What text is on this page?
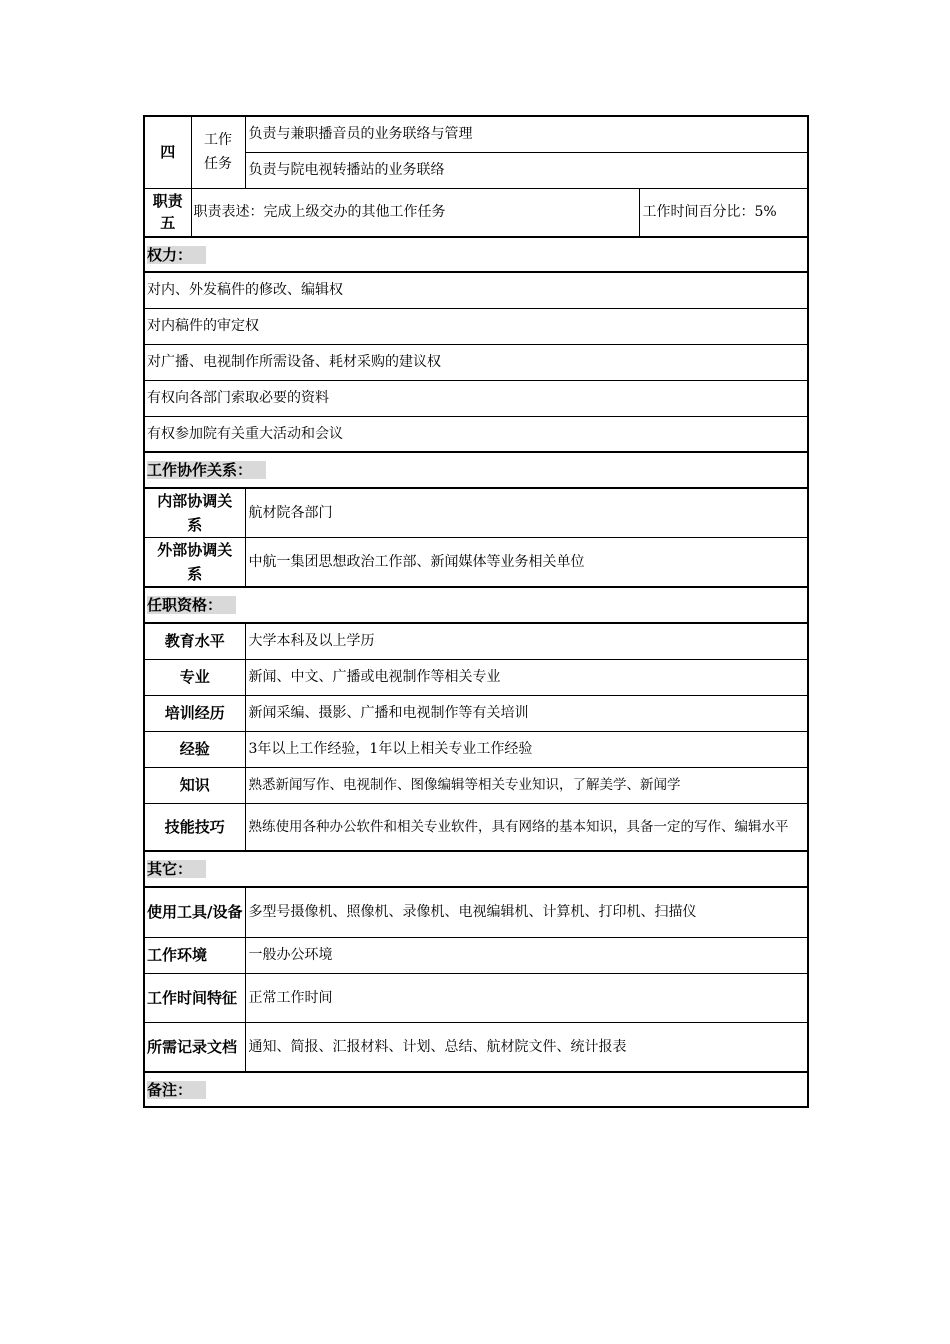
四	工作任务	负责与兼职播音员的业务联络与管理	
		负责与院电视转播站的业务联络	
职责五	职责表述：完成上级交办的其他工作任务		工作时间百分比：5%
权力：			
对内、外发稿件的修改、编辑权			
对内稿件的审定权			
对广播、电视制作所需设备、耗材采购的建议权			
有权向各部门索取必要的资料			
有权参加院有关重大活动和会议			
工作协作关系：			
内部协调关系		航材院各部门	
外部协调关系		中航一集团思想政治工作部、新闻媒体等业务相关单位	
任职资格：			
教育水平		大学本科及以上学历	
专业		新闻、中文、广播或电视制作等相关专业	
培训经历		新闻采编、摄影、广播和电视制作等有关培训	
经验		3年以上工作经验，1年以上相关专业工作经验	
知识		熟悉新闻写作、电视制作、图像编辑等相关专业知识，了解美学、新闻学	
技能技巧		熟练使用各种办公软件和相关专业软件，具有网络的基本知识，具备一定的写作、编辑水平	
其它：			
使用工具/设备		多型号摄像机、照像机、录像机、电视编辑机、计算机、打印机、扫描仪	
工作环境		一般办公环境	
工作时间特征		正常工作时间	
所需记录文档		通知、简报、汇报材料、计划、总结、航材院文件、统计报表	
备注：			
